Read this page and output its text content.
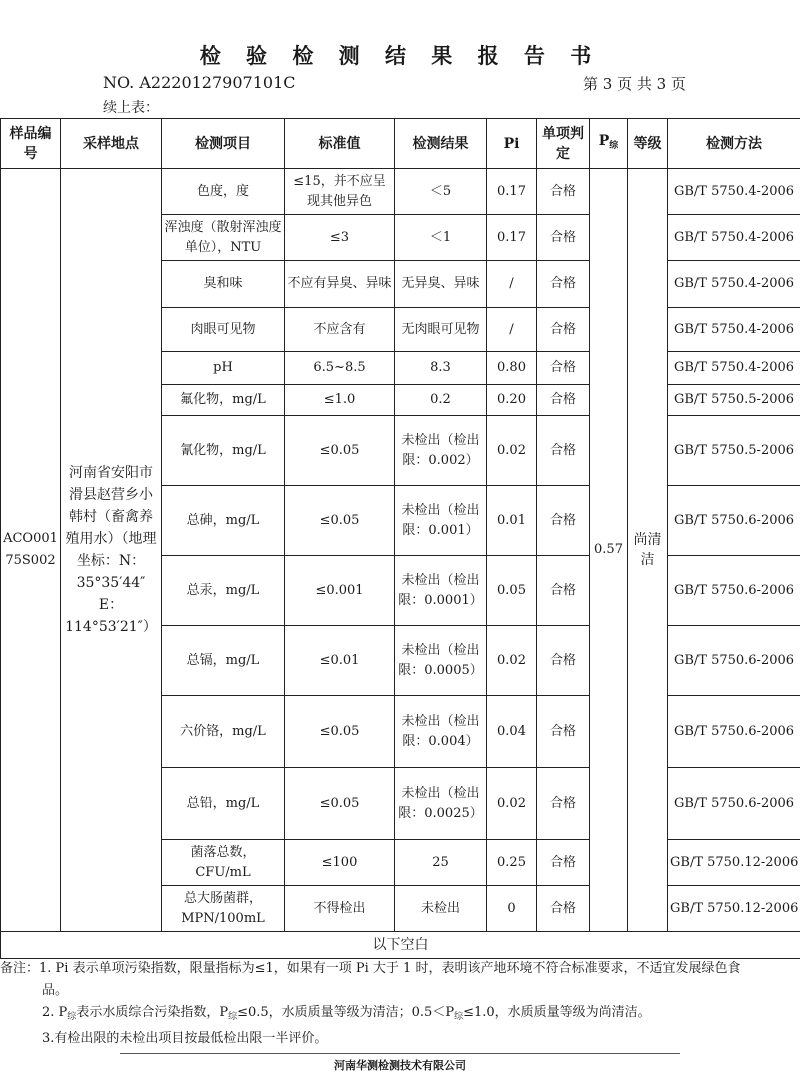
检 验 检 测 结 果 报 告 书
NO. A2220127907101C	第 3 页 共 3 页
续上表：
样品编号	采样地点	检测项目	标准值	检测结果	Pi	单项判定	$P_综$	等级	检测方法
ACO00175S002	河南省安阳市滑县赵营乡小韩村（畜禽养殖用水）（地理坐标：N：35°35′44″ E：114°53′21″）	色度，度	≤15，并不应呈现其他异色	＜5	0.17	合格	0.57	尚清洁	GB/T 5750.4-2006
		浑浊度（散射浑浊度单位），NTU	≤3	＜1	0.17	合格			GB/T 5750.4-2006
		臭和味	不应有异臭、异味	无异臭、异味	/	合格			GB/T 5750.4-2006
		肉眼可见物	不应含有	无肉眼可见物	/	合格			GB/T 5750.4-2006
		pH	6.5~8.5	8.3	0.80	合格			GB/T 5750.4-2006
		氟化物，mg/L	≤1.0	0.2	0.20	合格			GB/T 5750.5-2006
		氰化物，mg/L	≤0.05	未检出（检出限：0.002）	0.02	合格			GB/T 5750.5-2006
		总砷，mg/L	≤0.05	未检出（检出限：0.001）	0.01	合格			GB/T 5750.6-2006
		总汞，mg/L	≤0.001	未检出（检出限：0.0001）	0.05	合格			GB/T 5750.6-2006
		总镉，mg/L	≤0.01	未检出（检出限：0.0005）	0.02	合格			GB/T 5750.6-2006
		六价铬，mg/L	≤0.05	未检出（检出限：0.004）	0.04	合格			GB/T 5750.6-2006
		总铅，mg/L	≤0.05	未检出（检出限：0.0025）	0.02	合格			GB/T 5750.6-2006
		菌落总数，CFU/mL	≤100	25	0.25	合格			GB/T 5750.12-2006
		总大肠菌群，MPN/100mL	不得检出	未检出	0	合格			GB/T 5750.12-2006
以下空白									
备注：1. Pi 表示单项污染指数，限量指标为≤1，如果有一项 Pi 大于 1 时，表明该产地环境不符合标准要求，不适宜发展绿色食品。
2. $P_综$表示水质综合污染指数，$P_综\le 0.5$，水质质量等级为清洁；$0.5<P_综\le 1.0$，水质质量等级为尚清洁。
3.有检出限的未检出项目按最低检出限一半评价。
河南华测检测技术有限公司
